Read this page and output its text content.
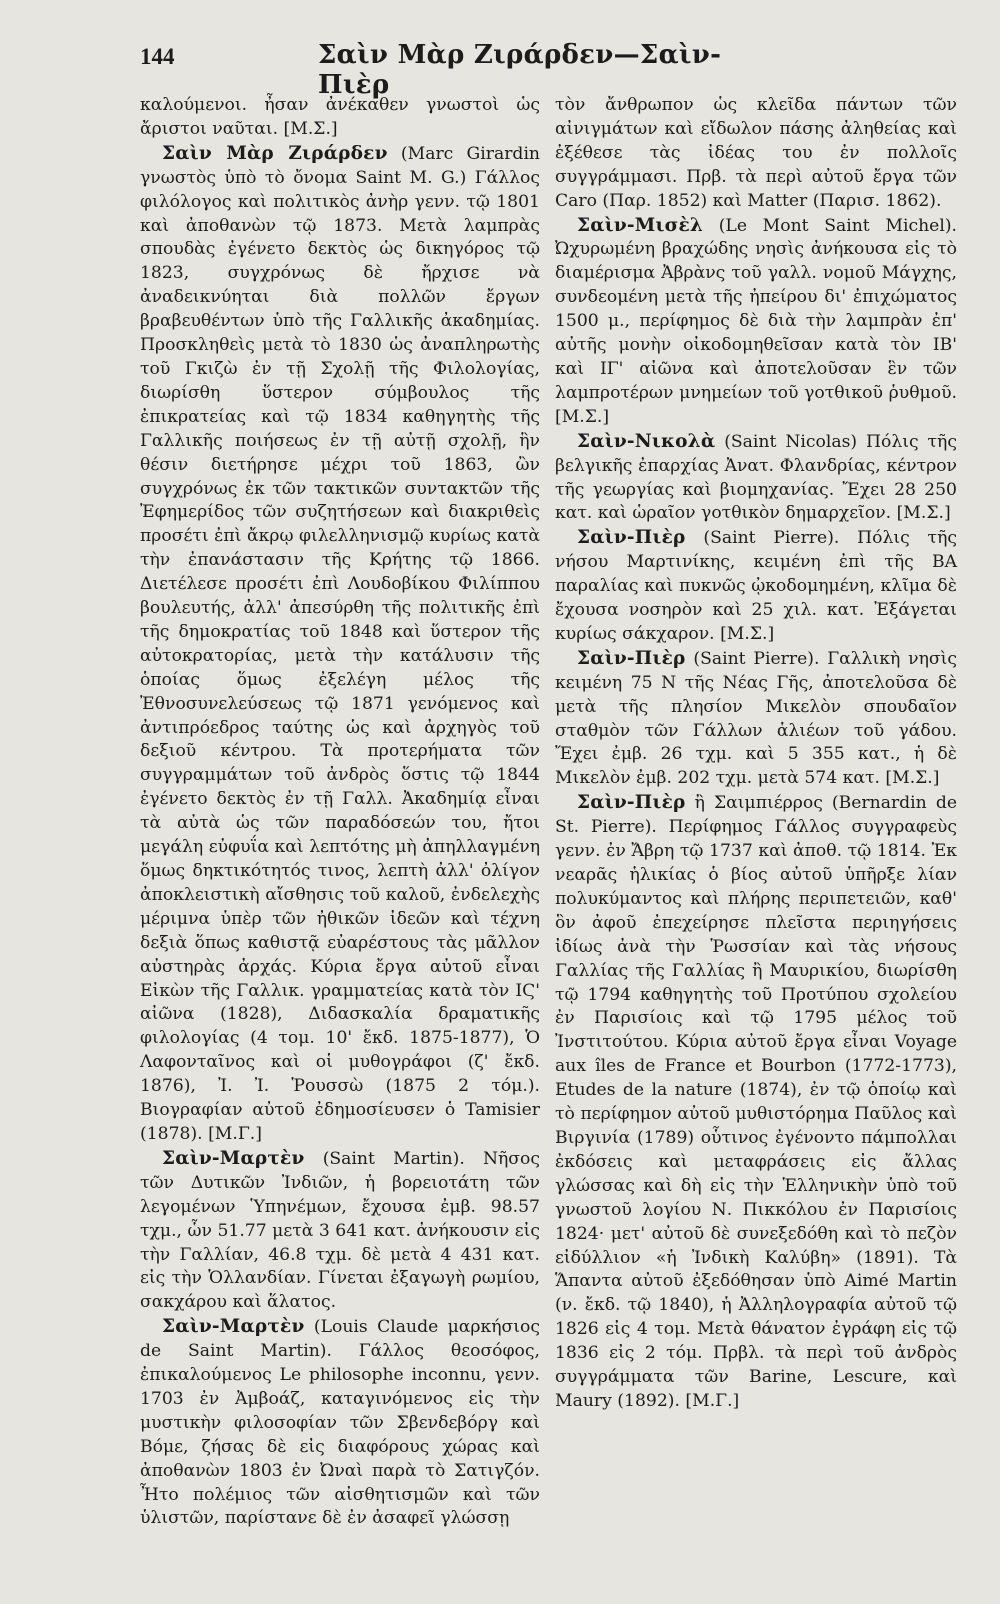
144	Σαὶν Μὰρ Ζιράρδεν—Σαὶν-Πιὲρ

καλούμενοι. ἦσαν ἀνέκαθεν γνωστοὶ ὡς ἄριστοι ναῦται. [Μ.Σ.]

Σαὶν Μὰρ Ζιράρδεν (Marc Girardin γνωστὸς ὑπὸ τὸ ὄνομα Saint M. G.) Γάλλος φιλόλογος καὶ πολιτικὸς ἀνὴρ γενν. τῷ 1801 καὶ ἀποθανὼν τῷ 1873. Μετὰ λαμπρὰς σπουδὰς ἐγένετο δεκτὸς ὡς δικηγόρος τῷ 1823, συγχρόνως δὲ ἤρχισε νὰ ἀναδεικνύηται διὰ πολλῶν ἔργων βραβευθέντων ὑπὸ τῆς Γαλλικῆς ἀκαδημίας. Προσκληθεὶς μετὰ τὸ 1830 ὡς ἀναπληρωτὴς τοῦ Γκιζὼ ἐν τῇ Σχολῇ τῆς Φιλολογίας, διωρίσθη ὕστερον σύμβουλος τῆς ἐπικρατείας καὶ τῷ 1834 καθηγητὴς τῆς Γαλλικῆς ποιήσεως ἐν τῇ αὐτῇ σχολῇ, ἣν θέσιν διετήρησε μέχρι τοῦ 1863, ὢν συγχρόνως ἐκ τῶν τακτικῶν συντακτῶν τῆς Ἐφημερίδος τῶν συζητήσεων καὶ διακριθεὶς προσέτι ἐπὶ ἄκρῳ φιλελληνισμῷ κυρίως κατὰ τὴν ἐπανάστασιν τῆς Κρήτης τῷ 1866. Διετέλεσε προσέτι ἐπὶ Λουδοβίκου Φιλίππου βουλευτής, ἀλλ' ἀπεσύρθη τῆς πολιτικῆς ἐπὶ τῆς δημοκρατίας τοῦ 1848 καὶ ὕστερον τῆς αὐτοκρατορίας, μετὰ τὴν κατάλυσιν τῆς ὁποίας ὅμως ἐξελέγη μέλος τῆς Ἐθνοσυνελεύσεως τῷ 1871 γενόμενος καὶ ἀντιπρόεδρος ταύτης ὡς καὶ ἀρχηγὸς τοῦ δεξιοῦ κέντρου. Τὰ προτερήματα τῶν συγγραμμάτων τοῦ ἀνδρὸς ὅστις τῷ 1844 ἐγένετο δεκτὸς ἐν τῇ Γαλλ. Ἀκαδημίᾳ εἶναι τὰ αὐτὰ ὡς τῶν παραδόσεών του, ἤτοι μεγάλη εὐφυΐα καὶ λεπτότης μὴ ἀπηλλαγμένη ὅμως δηκτικότητός τινος, λεπτὴ ἀλλ' ὀλίγον ἀποκλειστικὴ αἴσθησις τοῦ καλοῦ, ἐνδελεχὴς μέριμνα ὑπὲρ τῶν ἠθικῶν ἰδεῶν καὶ τέχνη δεξιὰ ὅπως καθιστᾷ εὐαρέστους τὰς μᾶλλον αὐστηρὰς ἀρχάς. Κύρια ἔργα αὐτοῦ εἶναι Εἰκὼν τῆς Γαλλικ. γραμματείας κατὰ τὸν ΙϚ' αἰῶνα (1828), Διδασκαλία δραματικῆς φιλολογίας (4 τομ. 10' ἔκδ. 1875-1877), Ὁ Λαφονταῖνος καὶ οἱ μυθογράφοι (ζ' ἔκδ. 1876), Ἰ. Ἰ. Ῥουσσὼ (1875 2 τόμ.). Βιογραφίαν αὐτοῦ ἐδημοσίευσεν ὁ Tamisier (1878). [Μ.Γ.]

Σαὶν-Μαρτὲν (Saint Martin). Νῆσος τῶν Δυτικῶν Ἰνδιῶν, ἡ βορειοτάτη τῶν λεγομένων Ὑπηνέμων, ἔχουσα ἐμβ. 98.57 τχμ., ὧν 51.77 μετὰ 3 641 κατ. ἀνήκουσιν εἰς τὴν Γαλλίαν, 46.8 τχμ. δὲ μετὰ 4 431 κατ. εἰς τὴν Ὁλλανδίαν. Γίνεται ἐξαγωγὴ ρωμίου, σακχάρου καὶ ἅλατος.

Σαὶν-Μαρτὲν (Louis Claude μαρκήσιος de Saint Martin). Γάλλος θεοσόφος, ἐπικαλούμενος Le philosophe inconnu, γενν. 1703 ἐν Ἀμβοάζ, καταγινόμενος εἰς τὴν μυστικὴν φιλοσοφίαν τῶν Σβενδεβόργ καὶ Βόμε, ζήσας δὲ εἰς διαφόρους χώρας καὶ ἀποθανὼν 1803 ἐν Ὠναὶ παρὰ τὸ Σατιγζόν. Ἦτο πολέμιος τῶν αἰσθητισμῶν καὶ τῶν ὑλιστῶν, παρίστανε δὲ ἐν ἀσαφεῖ γλώσσῃ

τὸν ἄνθρωπον ὡς κλεῖδα πάντων τῶν αἰνιγμάτων καὶ εἴδωλον πάσης ἀληθείας καὶ ἐξέθεσε τὰς ἰδέας του ἐν πολλοῖς συγγράμμασι. Πρβ. τὰ περὶ αὐτοῦ ἔργα τῶν Caro (Παρ. 1852) καὶ Matter (Παρισ. 1862).

Σαὶν-Μισὲλ (Le Mont Saint Michel). Ὠχυρωμένη βραχώδης νησὶς ἀνήκουσα εἰς τὸ διαμέρισμα Ἀβρὰνς τοῦ γαλλ. νομοῦ Μάγχης, συνδεομένη μετὰ τῆς ἠπείρου δι' ἐπιχώματος 1500 μ., περίφημος δὲ διὰ τὴν λαμπρὰν ἐπ' αὐτῆς μονὴν οἰκοδομηθεῖσαν κατὰ τὸν ΙΒ' καὶ ΙΓ' αἰῶνα καὶ ἀποτελοῦσαν ἓν τῶν λαμπροτέρων μνημείων τοῦ γοτθικοῦ ῥυθμοῦ. [Μ.Σ.]

Σαὶν-Νικολὰ (Saint Nicolas) Πόλις τῆς βελγικῆς ἐπαρχίας Ἀνατ. Φλανδρίας, κέντρον τῆς γεωργίας καὶ βιομηχανίας. Ἔχει 28 250 κατ. καὶ ὡραῖον γοτθικὸν δημαρχεῖον. [Μ.Σ.]

Σαὶν-Πιὲρ (Saint Pierre). Πόλις τῆς νήσου Μαρτινίκης, κειμένη ἐπὶ τῆς ΒΑ παραλίας καὶ πυκνῶς ᾠκοδομημένη, κλῖμα δὲ ἔχουσα νοσηρὸν καὶ 25 χιλ. κατ. Ἐξάγεται κυρίως σάκχαρον. [Μ.Σ.]

Σαὶν-Πιὲρ (Saint Pierre). Γαλλικὴ νησὶς κειμένη 75 Ν τῆς Νέας Γῆς, ἀποτελοῦσα δὲ μετὰ τῆς πλησίον Μικελὸν σπουδαῖον σταθμὸν τῶν Γάλλων ἁλιέων τοῦ γάδου. Ἔχει ἐμβ. 26 τχμ. καὶ 5 355 κατ., ἡ δὲ Μικελὸν ἐμβ. 202 τχμ. μετὰ 574 κατ. [Μ.Σ.]

Σαὶν-Πιὲρ ἢ Σαιμπιέρρος (Bernardin de St. Pierre). Περίφημος Γάλλος συγγραφεὺς γενν. ἐν Ἄβρη τῷ 1737 καὶ ἀποθ. τῷ 1814. Ἐκ νεαρᾶς ἡλικίας ὁ βίος αὐτοῦ ὑπῆρξε λίαν πολυκύμαντος καὶ πλήρης περιπετειῶν, καθ' ὃν ἀφοῦ ἐπεχείρησε πλεῖστα περιηγήσεις ἰδίως ἀνὰ τὴν Ῥωσσίαν καὶ τὰς νήσους Γαλλίας τῆς Γαλλίας ἢ Μαυρικίου, διωρίσθη τῷ 1794 καθηγητὴς τοῦ Προτύπου σχολείου ἐν Παρισίοις καὶ τῷ 1795 μέλος τοῦ Ἰνστιτούτου. Κύρια αὐτοῦ ἔργα εἶναι Voyage aux îles de France et Bourbon (1772-1773), Etudes de la nature (1874), ἐν τῷ ὁποίῳ καὶ τὸ περίφημον αὐτοῦ μυθιστόρημα Παῦλος καὶ Βιργινία (1789) οὗτινος ἐγένοντο πάμπολλαι ἐκδόσεις καὶ μεταφράσεις εἰς ἄλλας γλώσσας καὶ δὴ εἰς τὴν Ἑλληνικὴν ὑπὸ τοῦ γνωστοῦ λογίου Ν. Πικκόλου ἐν Παρισίοις 1824· μετ' αὐτοῦ δὲ συνεξεδόθη καὶ τὸ πεζὸν εἰδύλλιον «ἡ Ἰνδικὴ Καλύβη» (1891). Τὰ Ἅπαντα αὐτοῦ ἐξεδόθησαν ὑπὸ Aimé Martin (ν. ἔκδ. τῷ 1840), ἡ Ἀλληλογραφία αὐτοῦ τῷ 1826 εἰς 4 τομ. Μετὰ θάνατον ἐγράφη εἰς τῷ 1836 εἰς 2 τόμ. Πρβλ. τὰ περὶ τοῦ ἀνδρὸς συγγράμματα τῶν Barine, Lescure, καὶ Maury (1892). [Μ.Γ.]
